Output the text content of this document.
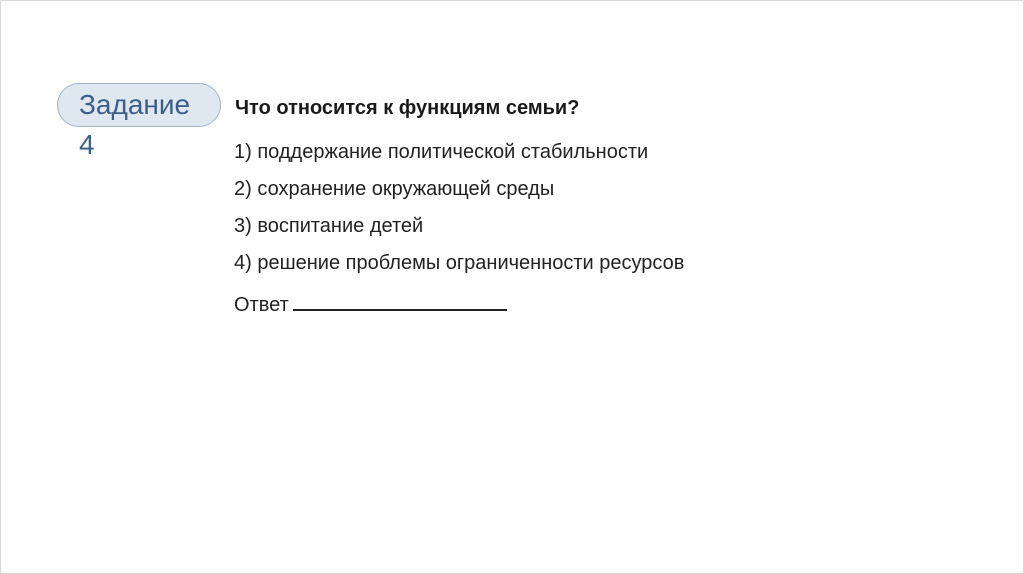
Задание
4
Что относится к функциям семьи?
1) поддержание политической стабильности
2) сохранение окружающей среды
3) воспитание детей
4) решение проблемы ограниченности ресурсов
Ответ
